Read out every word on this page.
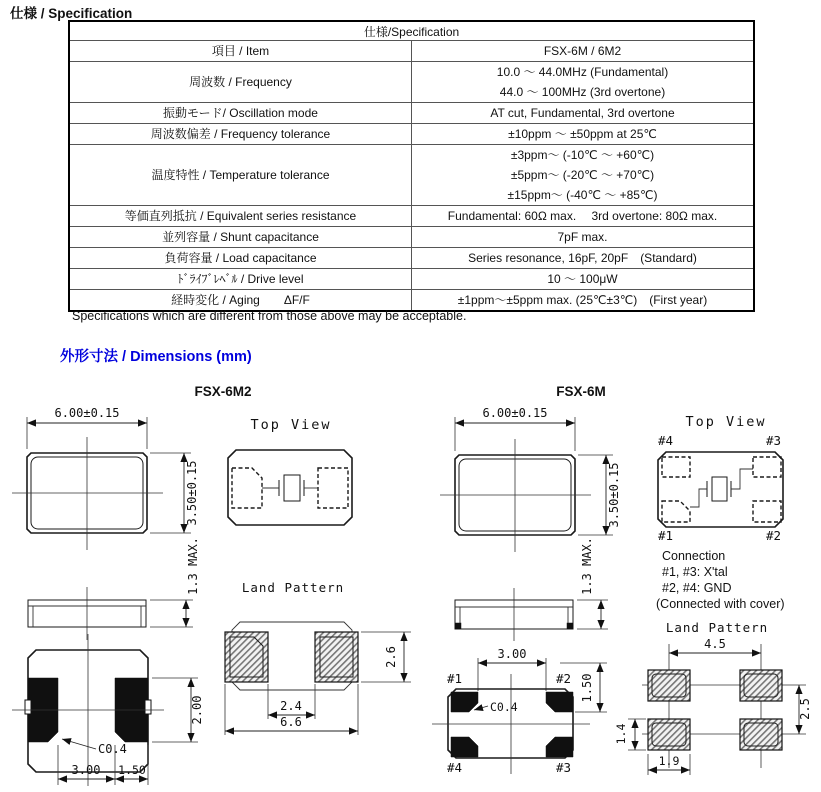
仕様 / Specification
仕様/Specification	

項目 / Item	FSX-6M / 6M2

周波数 / Frequency	10.0 ～ 44.0MHz (Fundamental)
44.0 ～ 100MHz (3rd overtone)

振動モード/ Oscillation mode	AT cut, Fundamental, 3rd overtone

周波数偏差 / Frequency tolerance	±10ppm ～ ±50ppm at 25℃

温度特性 / Temperature tolerance	±3ppm～ (-10℃ ～ +60℃)
±5ppm～ (-20℃ ～ +70℃)
±15ppm～ (-40℃ ～ +85℃)

等価直列抵抗 / Equivalent series resistance	Fundamental: 60Ω max.　 3rd overtone: 80Ω max.

並列容量 / Shunt capacitance	7pF max.

負荷容量 / Load capacitance	Series resonance, 16pF, 20pF　(Standard)

ﾄﾞﾗｲﾌﾞﾚﾍﾞﾙ / Drive level	10 ～ 100μW

経時変化 / Aging　　ΔF/F	±1ppm～±5ppm max. (25℃±3℃)　(First year)
Specifications which are different from those above may be acceptable.
外形寸法 / Dimensions (mm)
FSX-6M2
6.00±0.15
3.50±0.15
Top View
1.3 MAX.
C0.4
2.00
3.00 1.50
Land Pattern
2.6
2.4
6.6
FSX-6M
6.00±0.15
3.50±0.15
Top View
#4	#3
#1	#2
Connection
#1, #3: X'tal
#2, #4: GND
(Connected with cover)
Land Pattern
1.3 MAX.
3.00
#1	#2
C0.4
1.50
#4	#3
4.5
2.5
1.4
1.9
